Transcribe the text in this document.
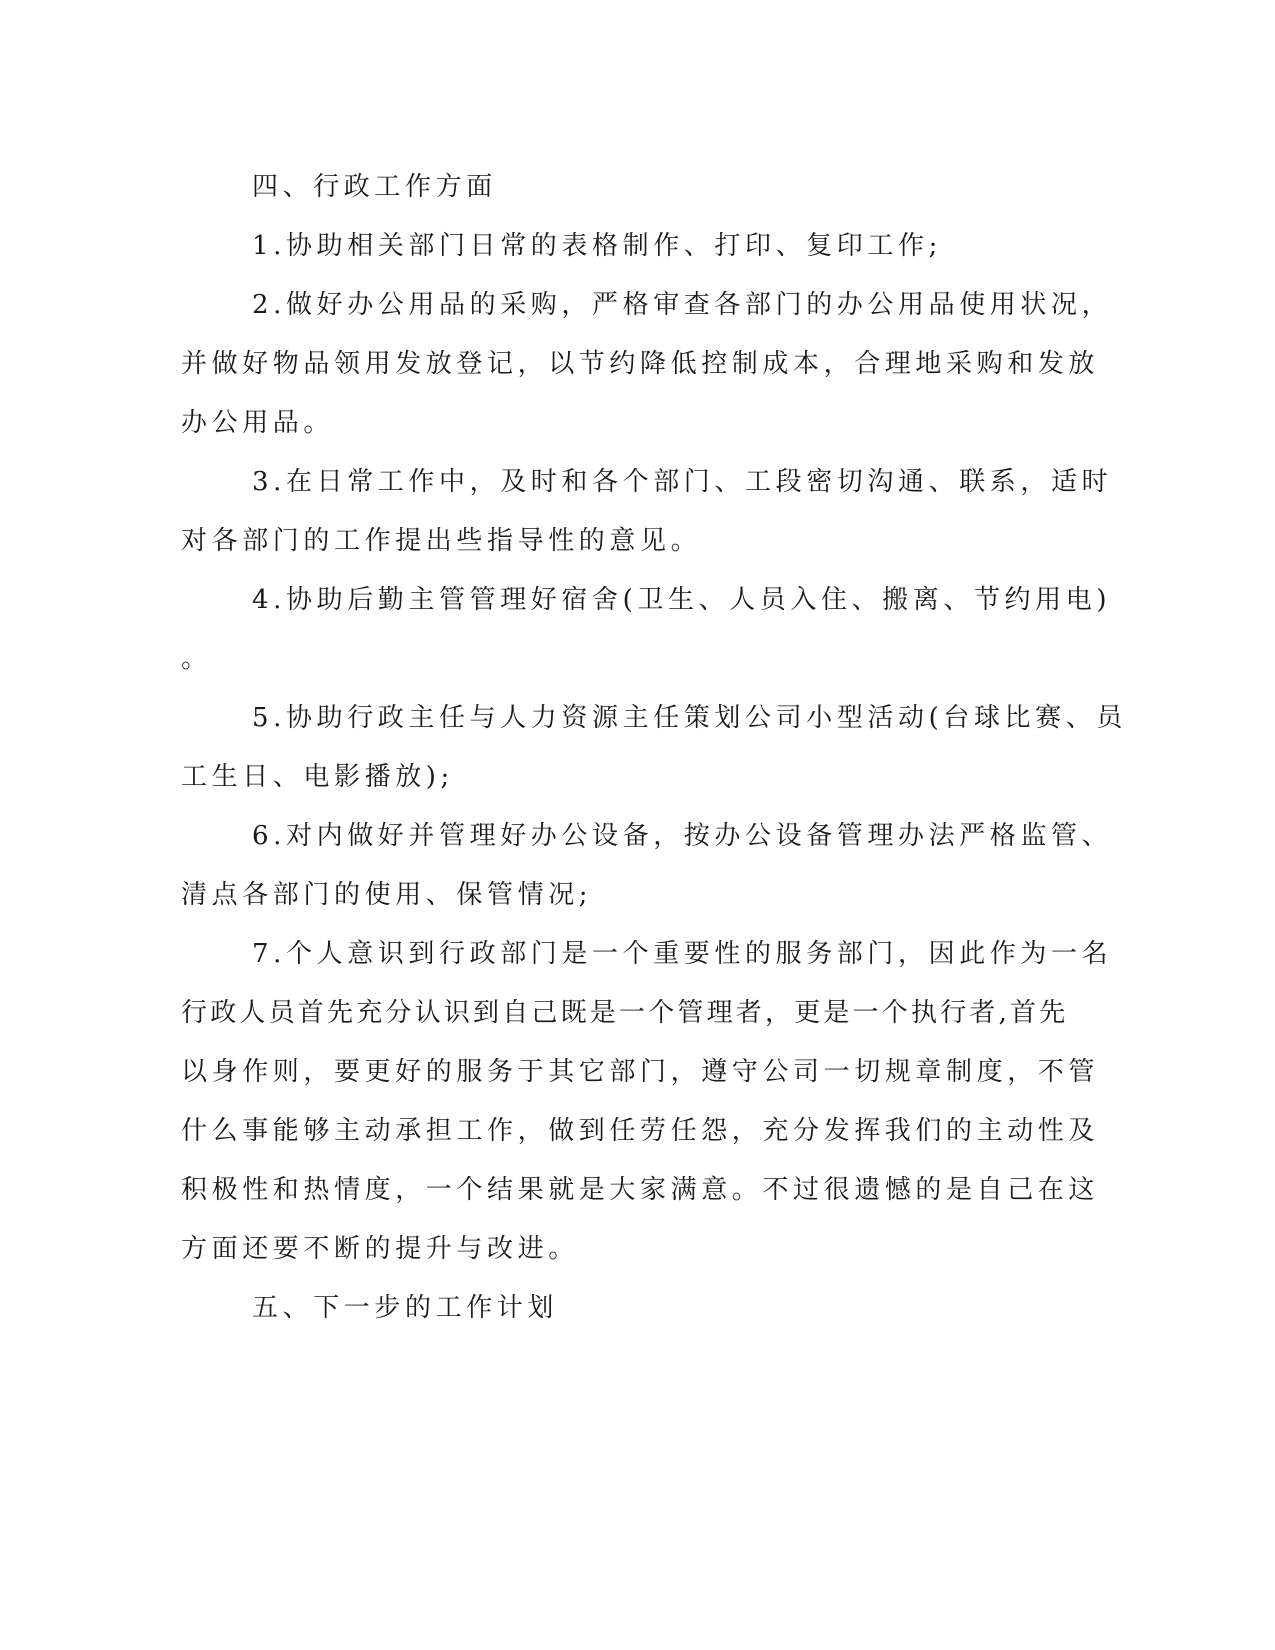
四、行政工作方面
1.协助相关部门日常的表格制作、打印、复印工作;
2.做好办公用品的采购，严格审查各部门的办公用品使用状况，
并做好物品领用发放登记，以节约降低控制成本，合理地采购和发放
办公用品。
3.在日常工作中，及时和各个部门、工段密切沟通、联系，适时
对各部门的工作提出些指导性的意见。
4.协助后勤主管管理好宿舍(卫生、人员入住、搬离、节约用电)
。
5.协助行政主任与人力资源主任策划公司小型活动(台球比赛、员
工生日、电影播放);
6.对内做好并管理好办公设备，按办公设备管理办法严格监管、
清点各部门的使用、保管情况;
7.个人意识到行政部门是一个重要性的服务部门，因此作为一名
行政人员首先充分认识到自己既是一个管理者，更是一个执行者,首先
以身作则，要更好的服务于其它部门，遵守公司一切规章制度，不管
什么事能够主动承担工作，做到任劳任怨，充分发挥我们的主动性及
积极性和热情度，一个结果就是大家满意。不过很遗憾的是自己在这
方面还要不断的提升与改进。
五、下一步的工作计划
